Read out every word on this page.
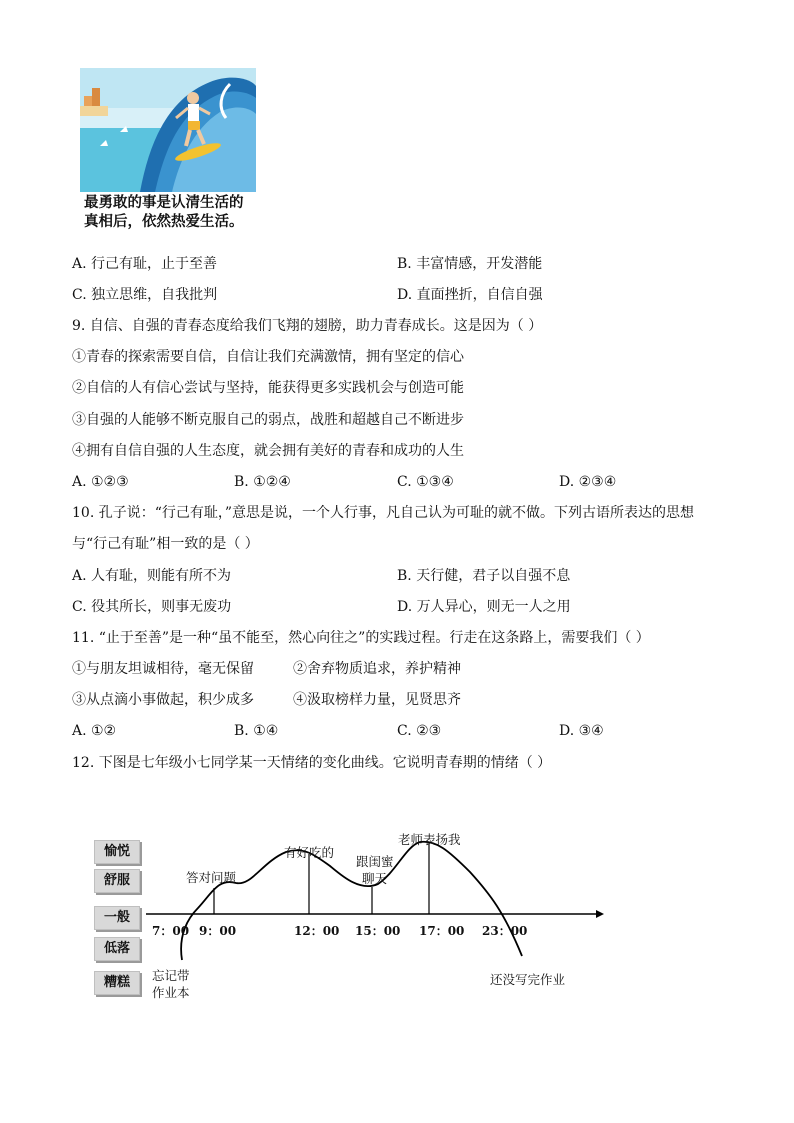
最勇敢的事是认清生活的
真相后，依然热爱生活。
A. 行己有耻，止于至善	B. 丰富情感，开发潜能
C. 独立思维，自我批判	D. 直面挫折，自信自强
9. 自信、自强的青春态度给我们飞翔的翅膀，助力青春成长。这是因为（ ）
①青春的探索需要自信，自信让我们充满激情，拥有坚定的信心
②自信的人有信心尝试与坚持，能获得更多实践机会与创造可能
③自强的人能够不断克服自己的弱点，战胜和超越自己不断进步
④拥有自信自强的人生态度，就会拥有美好的青春和成功的人生
A. ①②③	B. ①②④	C. ①③④	D. ②③④
10. 孔子说：“行己有耻，”意思是说，一个人行事，凡自己认为可耻的就不做。下列古语所表达的思想
与“行己有耻”相一致的是（ ）
A. 人有耻，则能有所不为	B. 天行健，君子以自强不息
C. 役其所长，则事无废功	D. 万人异心，则无一人之用
11. “止于至善”是一种“虽不能至，然心向往之”的实践过程。行走在这条路上，需要我们（ ）
①与朋友坦诚相待，毫无保留	②舍弃物质追求，养护精神
③从点滴小事做起，积少成多	④汲取榜样力量，见贤思齐
A. ①②	B. ①④	C. ②③	D. ③④
12. 下图是七年级小七同学某一天情绪的变化曲线。它说明青春期的情绪（ ）
愉悦
舒服
一般
低落
糟糕
7：00 9：00	12：00 15：00 17：00 23：00
忘记带
作业本
答对问题
有好吃的
跟闺蜜
聊天
老师表扬我
还没写完作业
